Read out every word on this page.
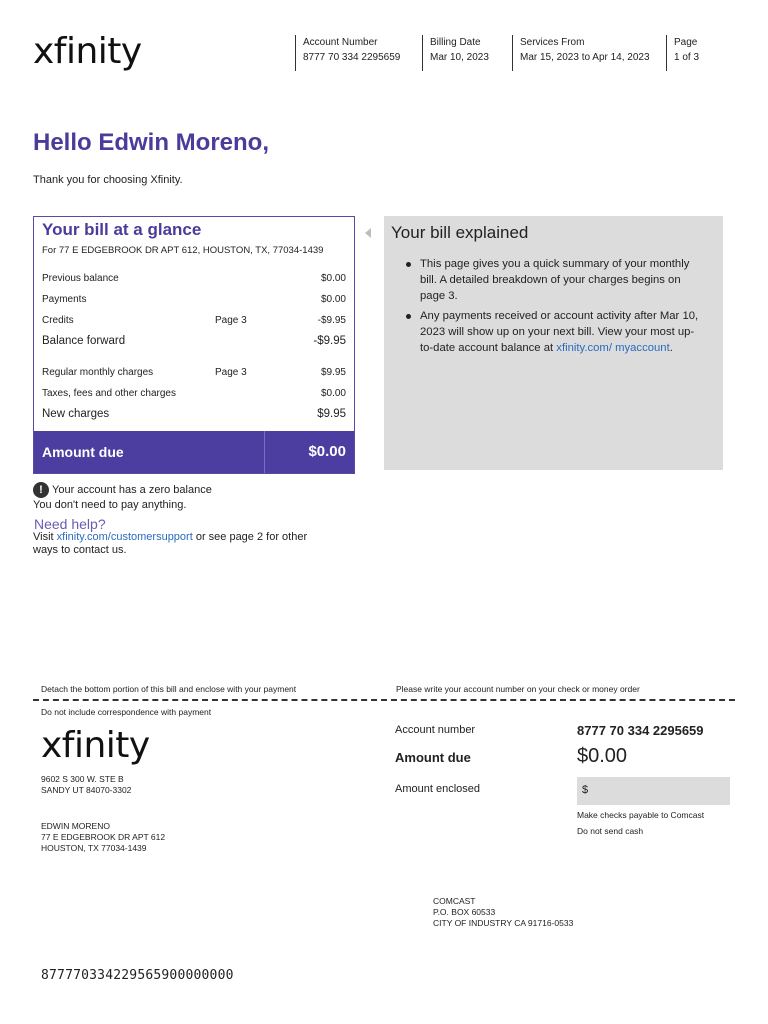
xfinity	Account Number
8777 70 334 2295659
Billing Date
Mar 10, 2023
Services From
Mar 15, 2023 to Apr 14, 2023
Page
1 of 3
Hello Edwin Moreno,
Thank you for choosing Xfinity.
Your bill at a glance
For 77 E EDGEBROOK DR APT 612, HOUSTON, TX, 77034-1439
Previous balance	$0.00
Payments	$0.00
Credits	Page 3	-$9.95
Balance forward	-$9.95
Regular monthly charges	Page 3	$9.95
Taxes, fees and other charges	$0.00
New charges	$9.95
Amount due	$0.00
! Your account has a zero balance
You don't need to pay anything.
Need help?
Visit xfinity.com/customersupport or see page 2 for other
ways to contact us.
Your bill explained
This page gives you a quick summary of your monthly bill. A detailed breakdown of your charges begins on page 3.
Any payments received or account activity after Mar 10, 2023 will show up on your next bill. View your most up-to-date account balance at xfinity.com/ myaccount.
Detach the bottom portion of this bill and enclose with your payment	Please write your account number on your check or money order
Do not include correspondence with payment
xfinity
9602 S 300 W. STE B
SANDY UT 84070-3302
EDWIN MORENO
77 E EDGEBROOK DR APT 612
HOUSTON, TX 77034-1439
Account number	8777 70 334 2295659
Amount due	$0.00
Amount enclosed	$
Make checks payable to Comcast
Do not send cash
COMCAST
P.O. BOX 60533
CITY OF INDUSTRY CA 91716-0533
877770334229565900000000
